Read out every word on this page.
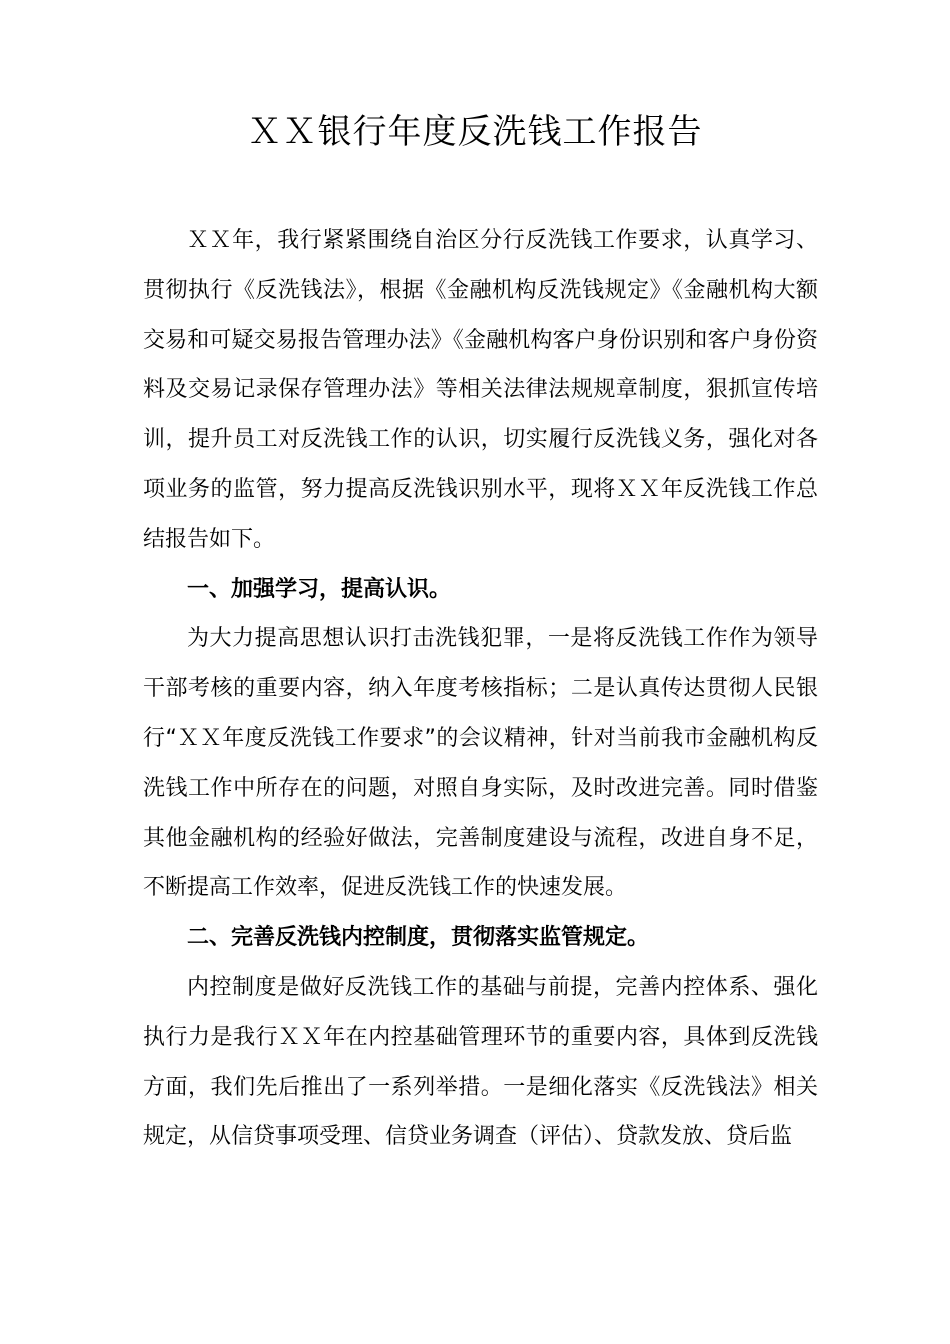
ＸＸ银行年度反洗钱工作报告

ＸＸ年，我行紧紧围绕自治区分行反洗钱工作要求，认真学习、贯彻执行《反洗钱法》，根据《金融机构反洗钱规定》《金融机构大额交易和可疑交易报告管理办法》《金融机构客户身份识别和客户身份资料及交易记录保存管理办法》等相关法律法规规章制度，狠抓宣传培训，提升员工对反洗钱工作的认识，切实履行反洗钱义务，强化对各项业务的监管，努力提高反洗钱识别水平，现将ＸＸ年反洗钱工作总结报告如下。

一、加强学习，提高认识。

为大力提高思想认识打击洗钱犯罪，一是将反洗钱工作作为领导干部考核的重要内容，纳入年度考核指标；二是认真传达贯彻人民银行“ＸＸ年度反洗钱工作要求”的会议精神，针对当前我市金融机构反洗钱工作中所存在的问题，对照自身实际，及时改进完善。同时借鉴其他金融机构的经验好做法，完善制度建设与流程，改进自身不足，不断提高工作效率，促进反洗钱工作的快速发展。

二、完善反洗钱内控制度，贯彻落实监管规定。

内控制度是做好反洗钱工作的基础与前提，完善内控体系、强化执行力是我行ＸＸ年在内控基础管理环节的重要内容，具体到反洗钱方面，我们先后推出了一系列举措。一是细化落实《反洗钱法》相关规定，从信贷事项受理、信贷业务调查（评估）、贷款发放、贷后监
